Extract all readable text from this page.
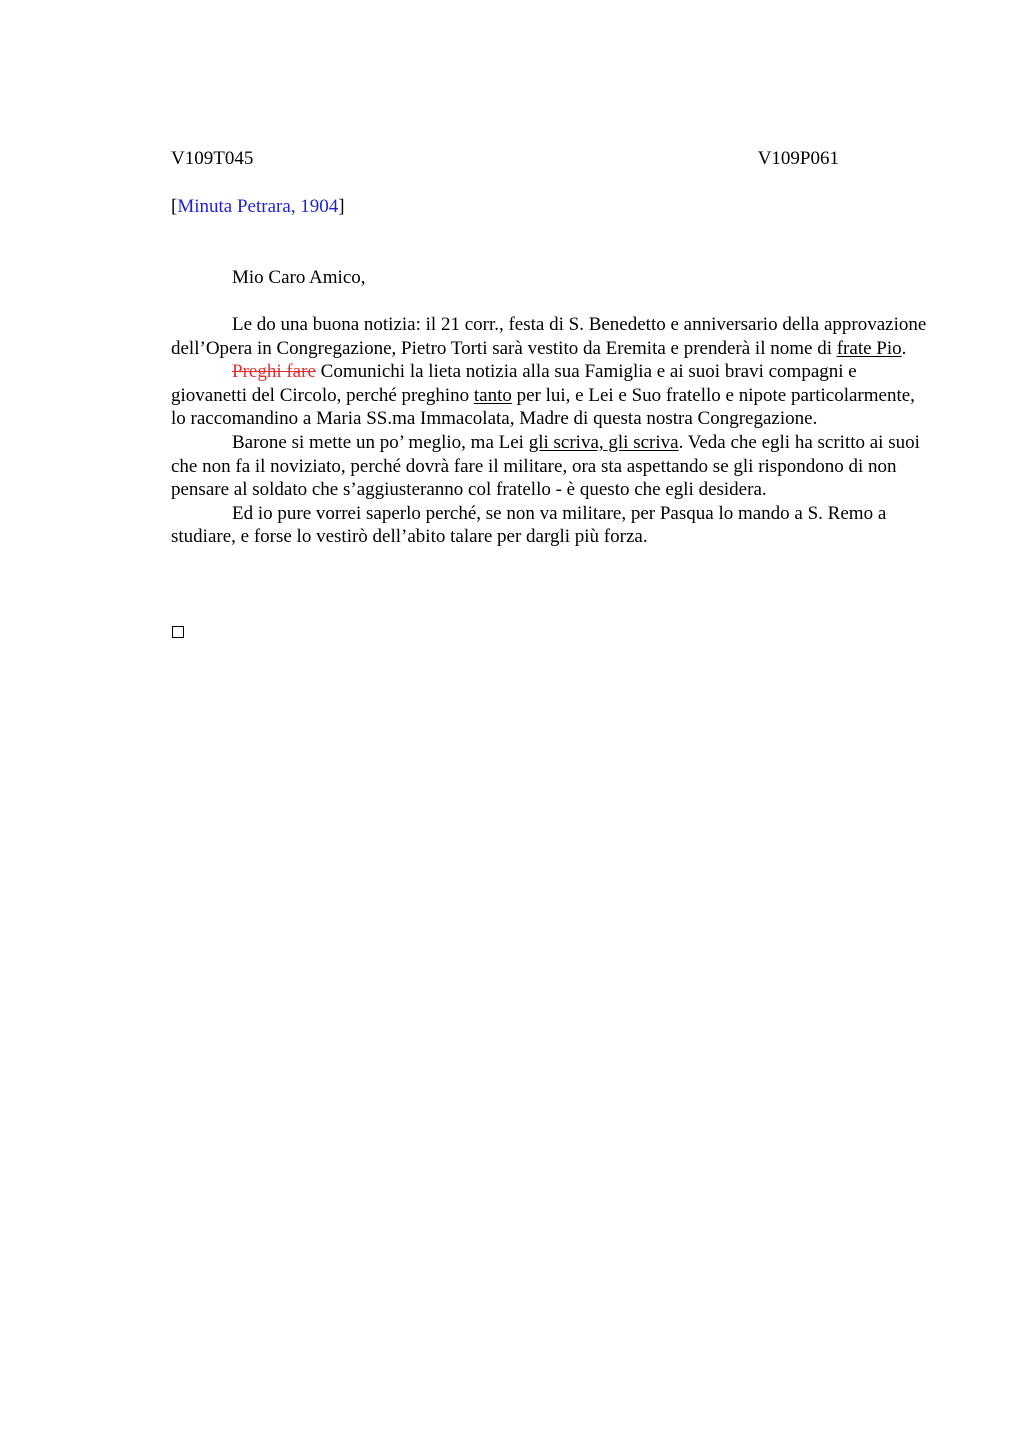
V109T045	V109P061
[Minuta Petrara, 1904]
Mio Caro Amico,

Le do una buona notizia: il 21 corr., festa di S. Benedetto e anniversario della approvazione dell’Opera in Congregazione, Pietro Torti sarà vestito da Eremita e prenderà il nome di frate Pio.

Preghi fare Comunichi la lieta notizia alla sua Famiglia e ai suoi bravi compagni e giovanetti del Circolo, perché preghino tanto per lui, e Lei e Suo fratello e nipote particolarmente, lo raccomandino a Maria SS.ma Immacolata, Madre di questa nostra Congregazione.

Barone si mette un po’ meglio, ma Lei gli scriva, gli scriva. Veda che egli ha scritto ai suoi che non fa il noviziato, perché dovrà fare il militare, ora sta aspettando se gli rispondono di non pensare al soldato che s’aggiusteranno col fratello - è questo che egli desidera.

Ed io pure vorrei saperlo perché, se non va militare, per Pasqua lo mando a S. Remo a studiare, e forse lo vestirò dell’abito talare per dargli più forza.
